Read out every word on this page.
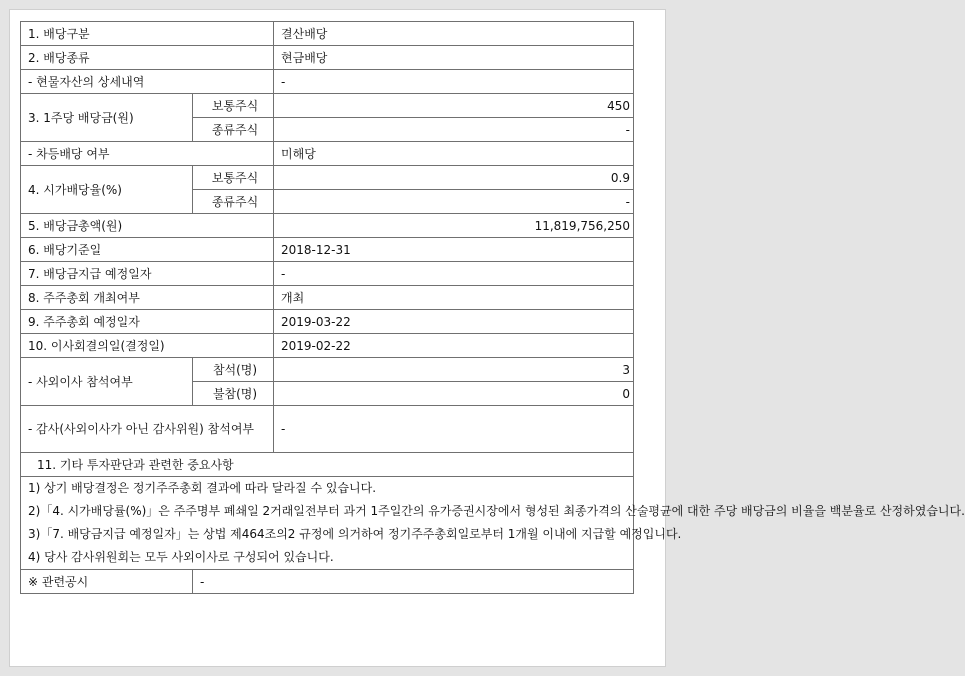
1. 배당구분		결산배당
2. 배당종류		현금배당
- 현물자산의 상세내역		-
3. 1주당 배당금(원)	보통주식	450
	종류주식	-
- 차등배당 여부		미해당
4. 시가배당율(%)	보통주식	0.9
	종류주식	-
5. 배당금총액(원)		11,819,756,250
6. 배당기준일		2018-12-31
7. 배당금지급 예정일자		-
8. 주주총회 개최여부		개최
9. 주주총회 예정일자		2019-03-22
10. 이사회결의일(결정일)		2019-02-22
- 사외이사 참석여부	참석(명)	3
	불참(명)	0
- 감사(사외이사가 아닌 감사위원) 참석여부		-
11. 기타 투자판단과 관련한 중요사항		

1) 상기 배당결정은 정기주주총회 결과에 따라 달라질 수 있습니다.

2)「4. 시가배당률(%)」은 주주명부 폐쇄일 2거래일전부터 과거 1주일간의 유가증권시장에서 형성된 최종가격의 산술평균에 대한 주당 배당금의 비율을 백분율로 산정하였습니다.

3)「7. 배당금지급 예정일자」는 상법 제464조의2 규정에 의거하여 정기주주총회일로부터 1개월 이내에 지급할 예정입니다.

4) 당사 감사위원회는 모두 사외이사로 구성되어 있습니다.		

※ 관련공시	-	
